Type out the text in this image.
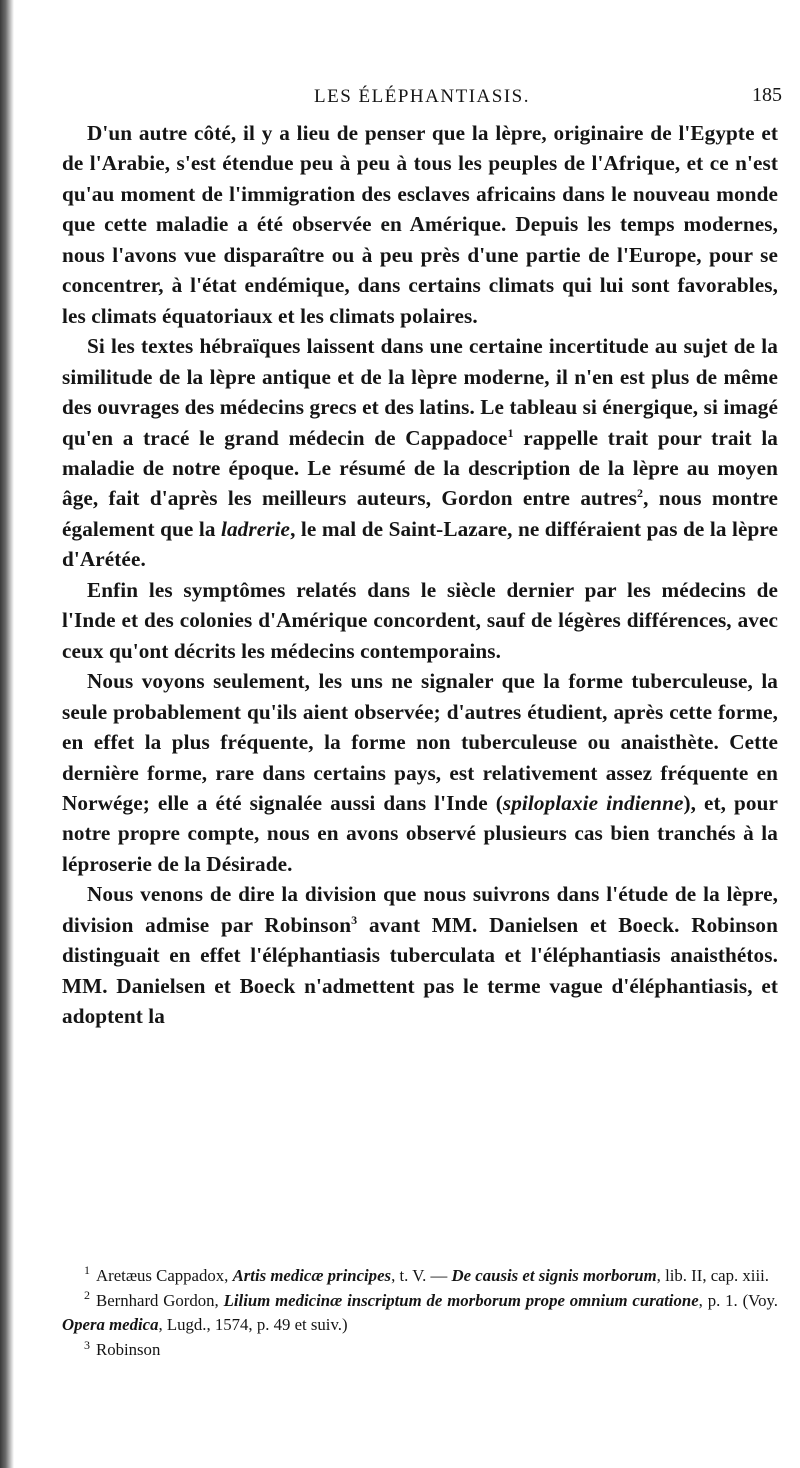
LES ÉLÉPHANTIASIS.	185

D'un autre côté, il y a lieu de penser que la lèpre, originaire de l'Egypte et de l'Arabie, s'est étendue peu à peu à tous les peuples de l'Afrique, et ce n'est qu'au moment de l'immigration des esclaves africains dans le nouveau monde que cette maladie a été observée en Amérique. Depuis les temps modernes, nous l'avons vue disparaître ou à peu près d'une partie de l'Europe, pour se concentrer, à l'état endémique, dans certains climats qui lui sont favorables, les climats équatoriaux et les climats polaires.

Si les textes hébraïques laissent dans une certaine incertitude au sujet de la similitude de la lèpre antique et de la lèpre moderne, il n'en est plus de même des ouvrages des médecins grecs et des latins. Le tableau si énergique, si imagé qu'en a tracé le grand médecin de Cappadoce$^1$ rappelle trait pour trait la maladie de notre époque. Le résumé de la description de la lèpre au moyen âge, fait d'après les meilleurs auteurs, Gordon entre autres$^2$, nous montre également que la ladrerie, le mal de Saint-Lazare, ne différaient pas de la lèpre d'Arétée.

Enfin les symptômes relatés dans le siècle dernier par les médecins de l'Inde et des colonies d'Amérique concordent, sauf de légères différences, avec ceux qu'ont décrits les médecins contemporains.

Nous voyons seulement, les uns ne signaler que la forme tuberculeuse, la seule probablement qu'ils aient observée; d'autres étudient, après cette forme, en effet la plus fréquente, la forme non tuberculeuse ou anaisthète. Cette dernière forme, rare dans certains pays, est relativement assez fréquente en Norwége; elle a été signalée aussi dans l'Inde (spiloplaxie indienne), et, pour notre propre compte, nous en avons observé plusieurs cas bien tranchés à la léproserie de la Désirade.

Nous venons de dire la division que nous suivrons dans l'étude de la lèpre, division admise par Robinson$^3$ avant MM. Danielsen et Boeck. Robinson distinguait en effet l'éléphantiasis tuberculata et l'éléphantiasis anaisthétos. MM. Danielsen et Boeck n'admettent pas le terme vague d'éléphantiasis, et adoptent la

$^1$ Aretæus Cappadox, Artis medicæ principes, t. V. — De causis et signis morborum, lib. II, cap. xiii.

$^2$ Bernhard Gordon, Lilium medicinæ inscriptum de morborum prope omnium curatione, p. 1. (Voy. Opera medica, Lugd., 1574, p. 49 et suiv.)

$^3$ Robinson
